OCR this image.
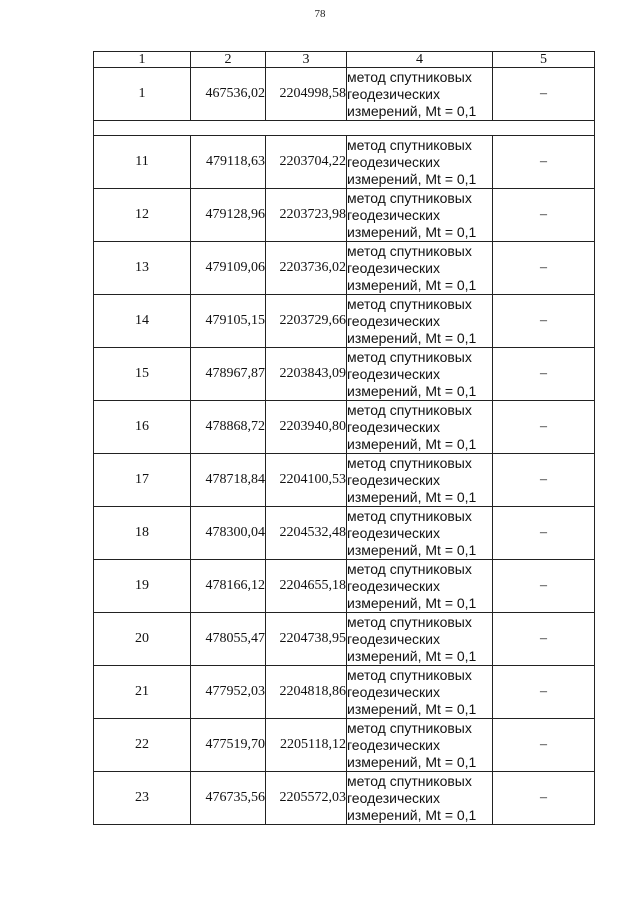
78
1	2	3	4	5
1	467536,02	2204998,58	метод спутниковых
геодезических
измерений, Mt = 0,1	–

11	479118,63	2203704,22	метод спутниковых
геодезических
измерений, Mt = 0,1	–
12	479128,96	2203723,98	метод спутниковых
геодезических
измерений, Mt = 0,1	–
13	479109,06	2203736,02	метод спутниковых
геодезических
измерений, Mt = 0,1	–
14	479105,15	2203729,66	метод спутниковых
геодезических
измерений, Mt = 0,1	–
15	478967,87	2203843,09	метод спутниковых
геодезических
измерений, Mt = 0,1	–
16	478868,72	2203940,80	метод спутниковых
геодезических
измерений, Mt = 0,1	–
17	478718,84	2204100,53	метод спутниковых
геодезических
измерений, Mt = 0,1	–
18	478300,04	2204532,48	метод спутниковых
геодезических
измерений, Mt = 0,1	–
19	478166,12	2204655,18	метод спутниковых
геодезических
измерений, Mt = 0,1	–
20	478055,47	2204738,95	метод спутниковых
геодезических
измерений, Mt = 0,1	–
21	477952,03	2204818,86	метод спутниковых
геодезических
измерений, Mt = 0,1	–
22	477519,70	2205118,12	метод спутниковых
геодезических
измерений, Mt = 0,1	–
23	476735,56	2205572,03	метод спутниковых
геодезических
измерений, Mt = 0,1	–
